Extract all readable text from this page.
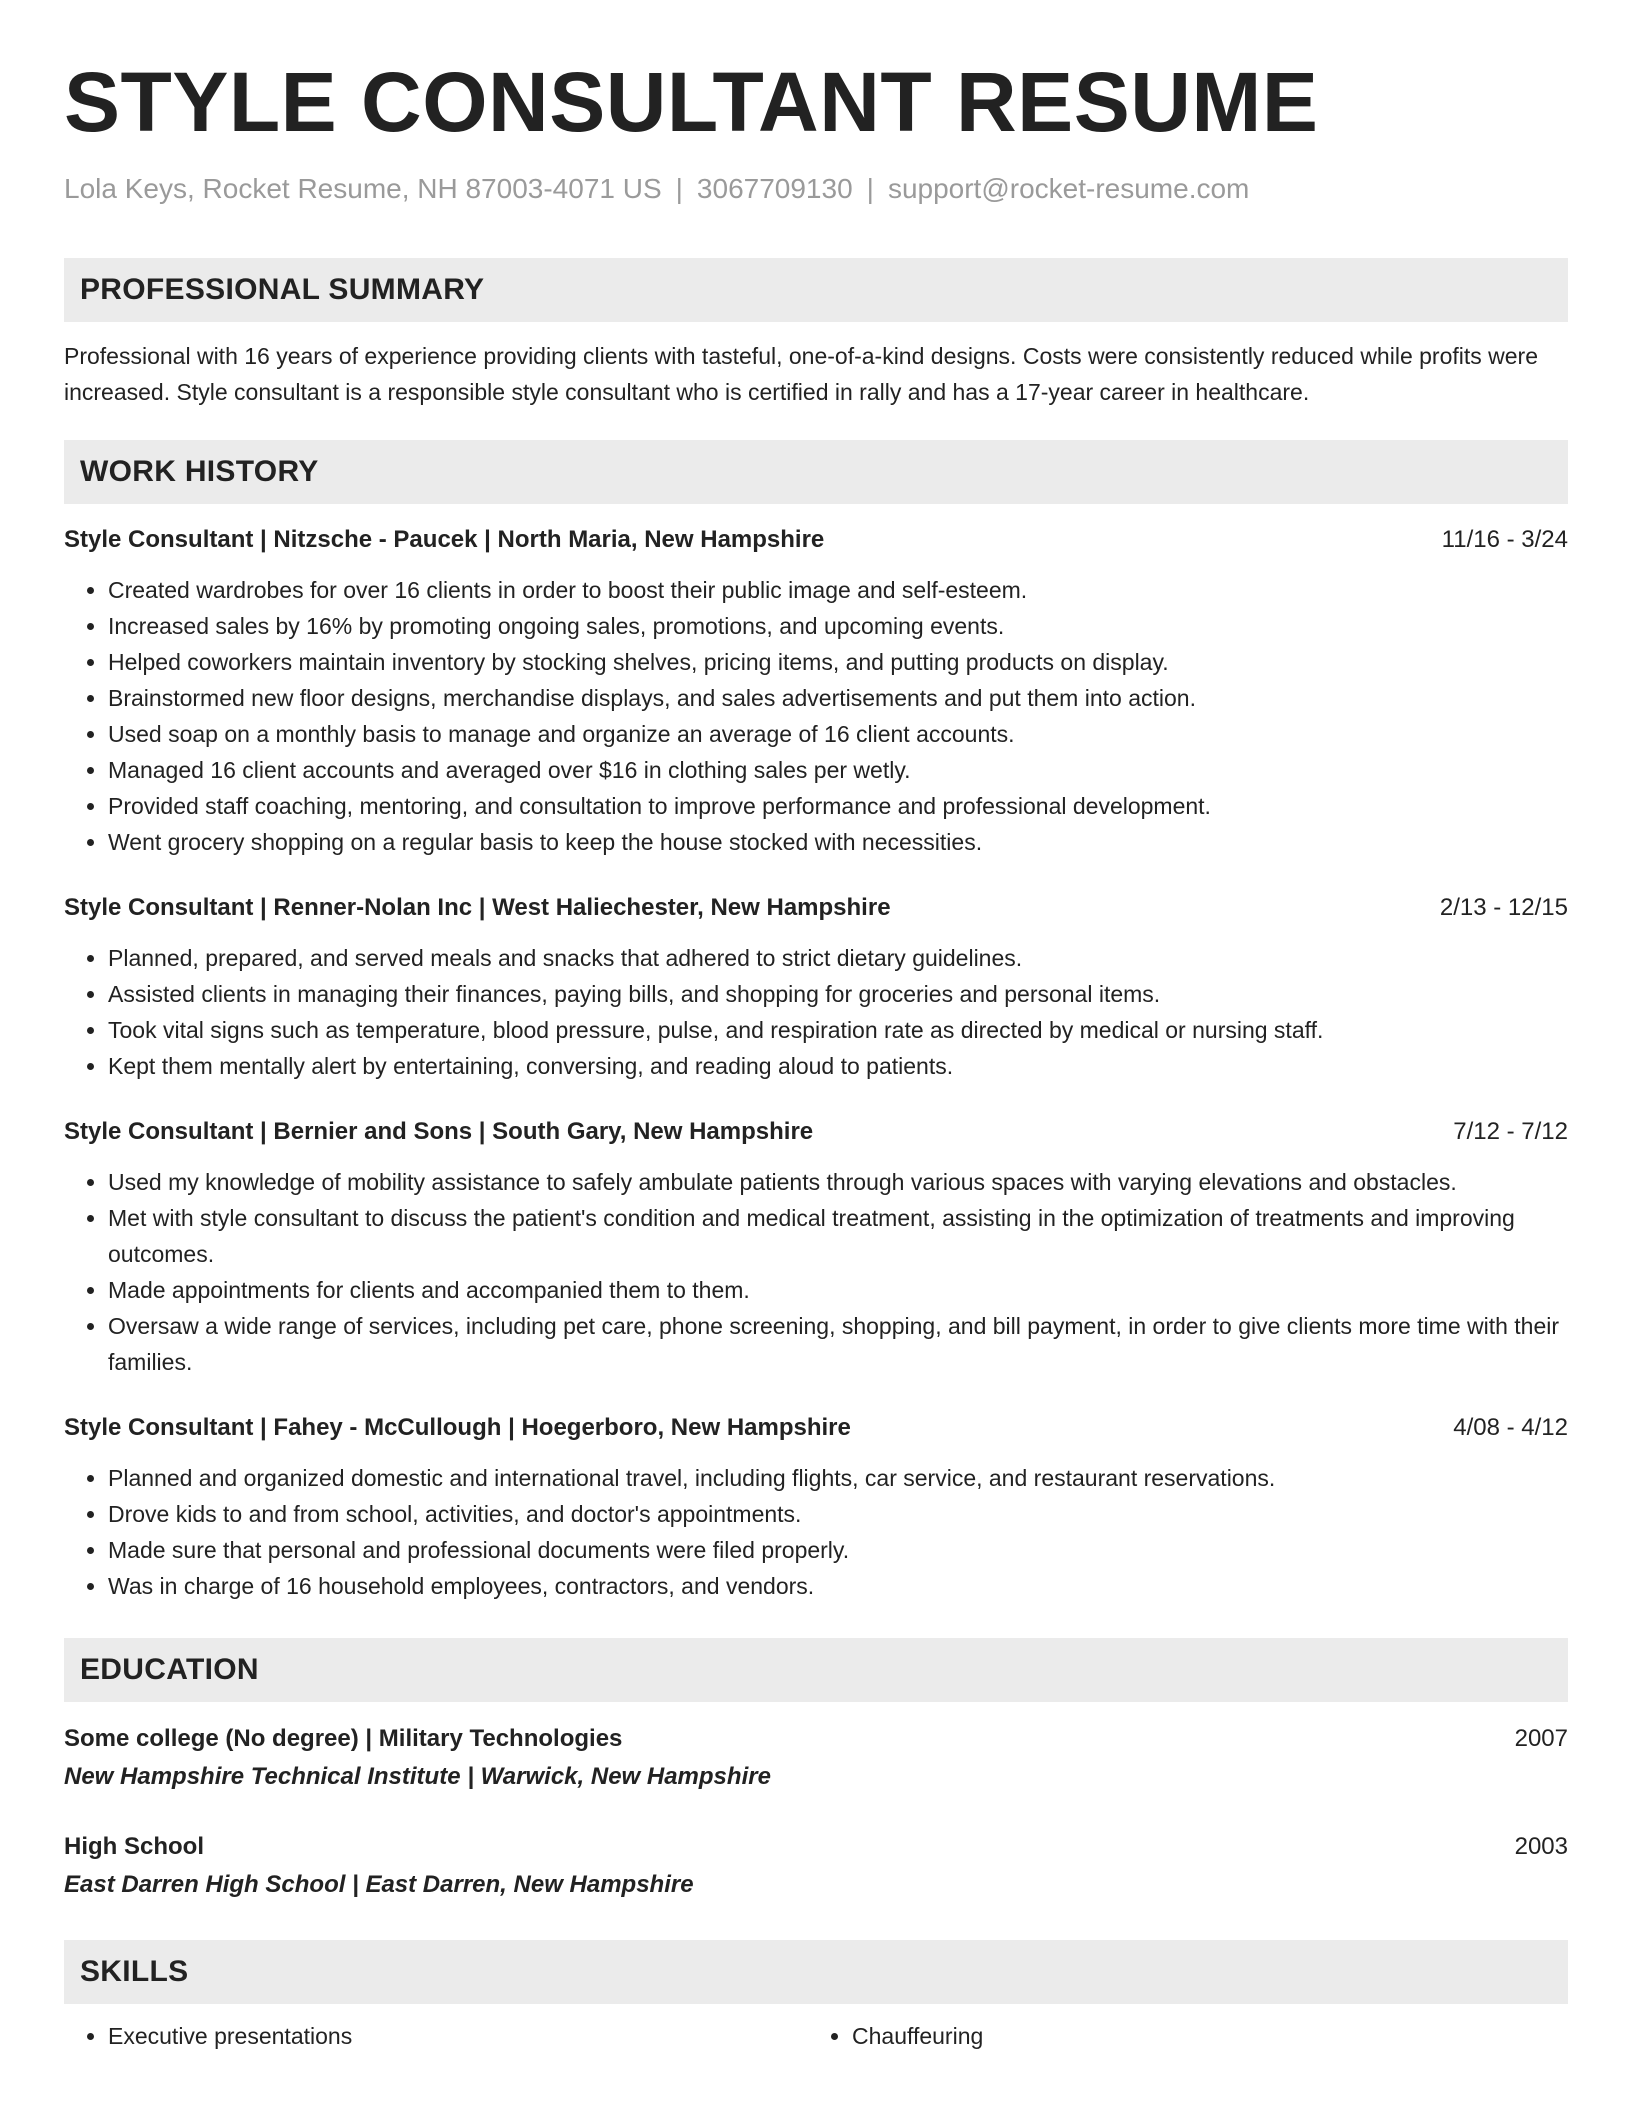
STYLE CONSULTANT RESUME
Lola Keys, Rocket Resume, NH 87003-4071 US | 3067709130 | support@rocket-resume.com
PROFESSIONAL SUMMARY

Professional with 16 years of experience providing clients with tasteful, one-of-a-kind designs. Costs were consistently reduced while profits were increased. Style consultant is a responsible style consultant who is certified in rally and has a 17-year career in healthcare.

WORK HISTORY
Style Consultant | Nitzsche - Paucek | North Maria, New Hampshire	11/16 - 3/24
• Created wardrobes for over 16 clients in order to boost their public image and self-esteem.
• Increased sales by 16% by promoting ongoing sales, promotions, and upcoming events.
• Helped coworkers maintain inventory by stocking shelves, pricing items, and putting products on display.
• Brainstormed new floor designs, merchandise displays, and sales advertisements and put them into action.
• Used soap on a monthly basis to manage and organize an average of 16 client accounts.
• Managed 16 client accounts and averaged over $16 in clothing sales per wetly.
• Provided staff coaching, mentoring, and consultation to improve performance and professional development.
• Went grocery shopping on a regular basis to keep the house stocked with necessities.
Style Consultant | Renner-Nolan Inc | West Haliechester, New Hampshire	2/13 - 12/15
• Planned, prepared, and served meals and snacks that adhered to strict dietary guidelines.
• Assisted clients in managing their finances, paying bills, and shopping for groceries and personal items.
• Took vital signs such as temperature, blood pressure, pulse, and respiration rate as directed by medical or nursing staff.
• Kept them mentally alert by entertaining, conversing, and reading aloud to patients.
Style Consultant | Bernier and Sons | South Gary, New Hampshire	7/12 - 7/12
• Used my knowledge of mobility assistance to safely ambulate patients through various spaces with varying elevations and obstacles.
• Met with style consultant to discuss the patient's condition and medical treatment, assisting in the optimization of treatments and improving outcomes.
• Made appointments for clients and accompanied them to them.
• Oversaw a wide range of services, including pet care, phone screening, shopping, and bill payment, in order to give clients more time with their families.
Style Consultant | Fahey - McCullough | Hoegerboro, New Hampshire	4/08 - 4/12
• Planned and organized domestic and international travel, including flights, car service, and restaurant reservations.
• Drove kids to and from school, activities, and doctor's appointments.
• Made sure that personal and professional documents were filed properly.
• Was in charge of 16 household employees, contractors, and vendors.
EDUCATION
Some college (No degree) | Military Technologies	2007
New Hampshire Technical Institute | Warwick, New Hampshire
High School	2003
East Darren High School | East Darren, New Hampshire
SKILLS
• Executive presentations
•	Chauffeuring
